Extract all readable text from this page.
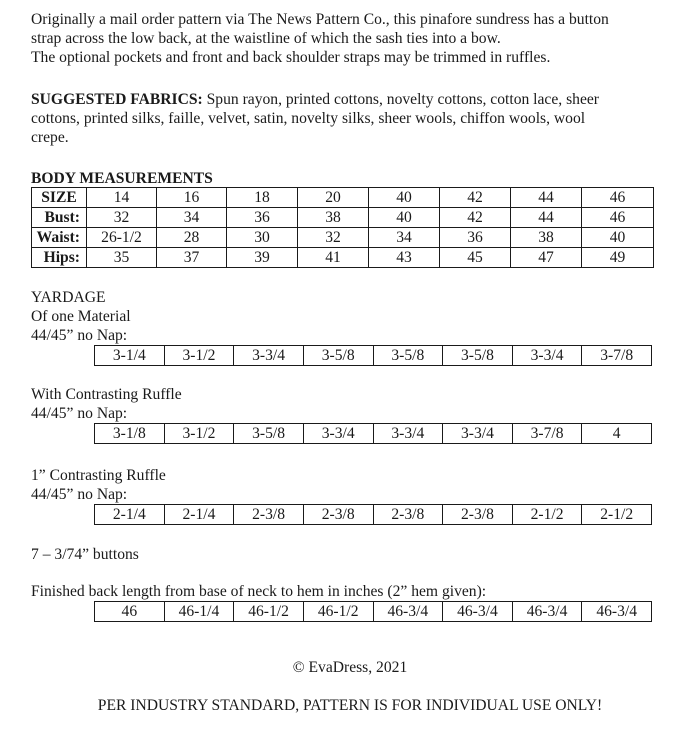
Originally a mail order pattern via The News Pattern Co., this pinafore sundress has a button
strap across the low back, at the waistline of which the sash ties into a bow.
The optional pockets and front and back shoulder straps may be trimmed in ruffles.

SUGGESTED FABRICS: Spun rayon, printed cottons, novelty cottons, cotton lace, sheer
cottons, printed silks, faille, velvet, satin, novelty silks, sheer wools, chiffon wools, wool
crepe.

BODY MEASUREMENTS

SIZE	14	16	18	20	40	42	44	46
Bust:	32	34	36	38	40	42	44	46
Waist:	26-1/2	28	30	32	34	36	38	40
Hips:	35	37	39	41	43	45	47	49

YARDAGE

Of one Material

44/45” no Nap:

3-1/4	3-1/2	3-3/4	3-5/8	3-5/8	3-5/8	3-3/4	3-7/8

With Contrasting Ruffle

44/45” no Nap:

3-1/8	3-1/2	3-5/8	3-3/4	3-3/4	3-3/4	3-7/8	4

1” Contrasting Ruffle

44/45” no Nap:

2-1/4	2-1/4	2-3/8	2-3/8	2-3/8	2-3/8	2-1/2	2-1/2

7 – 3/74” buttons

Finished back length from base of neck to hem in inches (2” hem given):

46	46-1/4	46-1/2	46-1/2	46-3/4	46-3/4	46-3/4	46-3/4

© EvaDress, 2021

PER INDUSTRY STANDARD, PATTERN IS FOR INDIVIDUAL USE ONLY!
